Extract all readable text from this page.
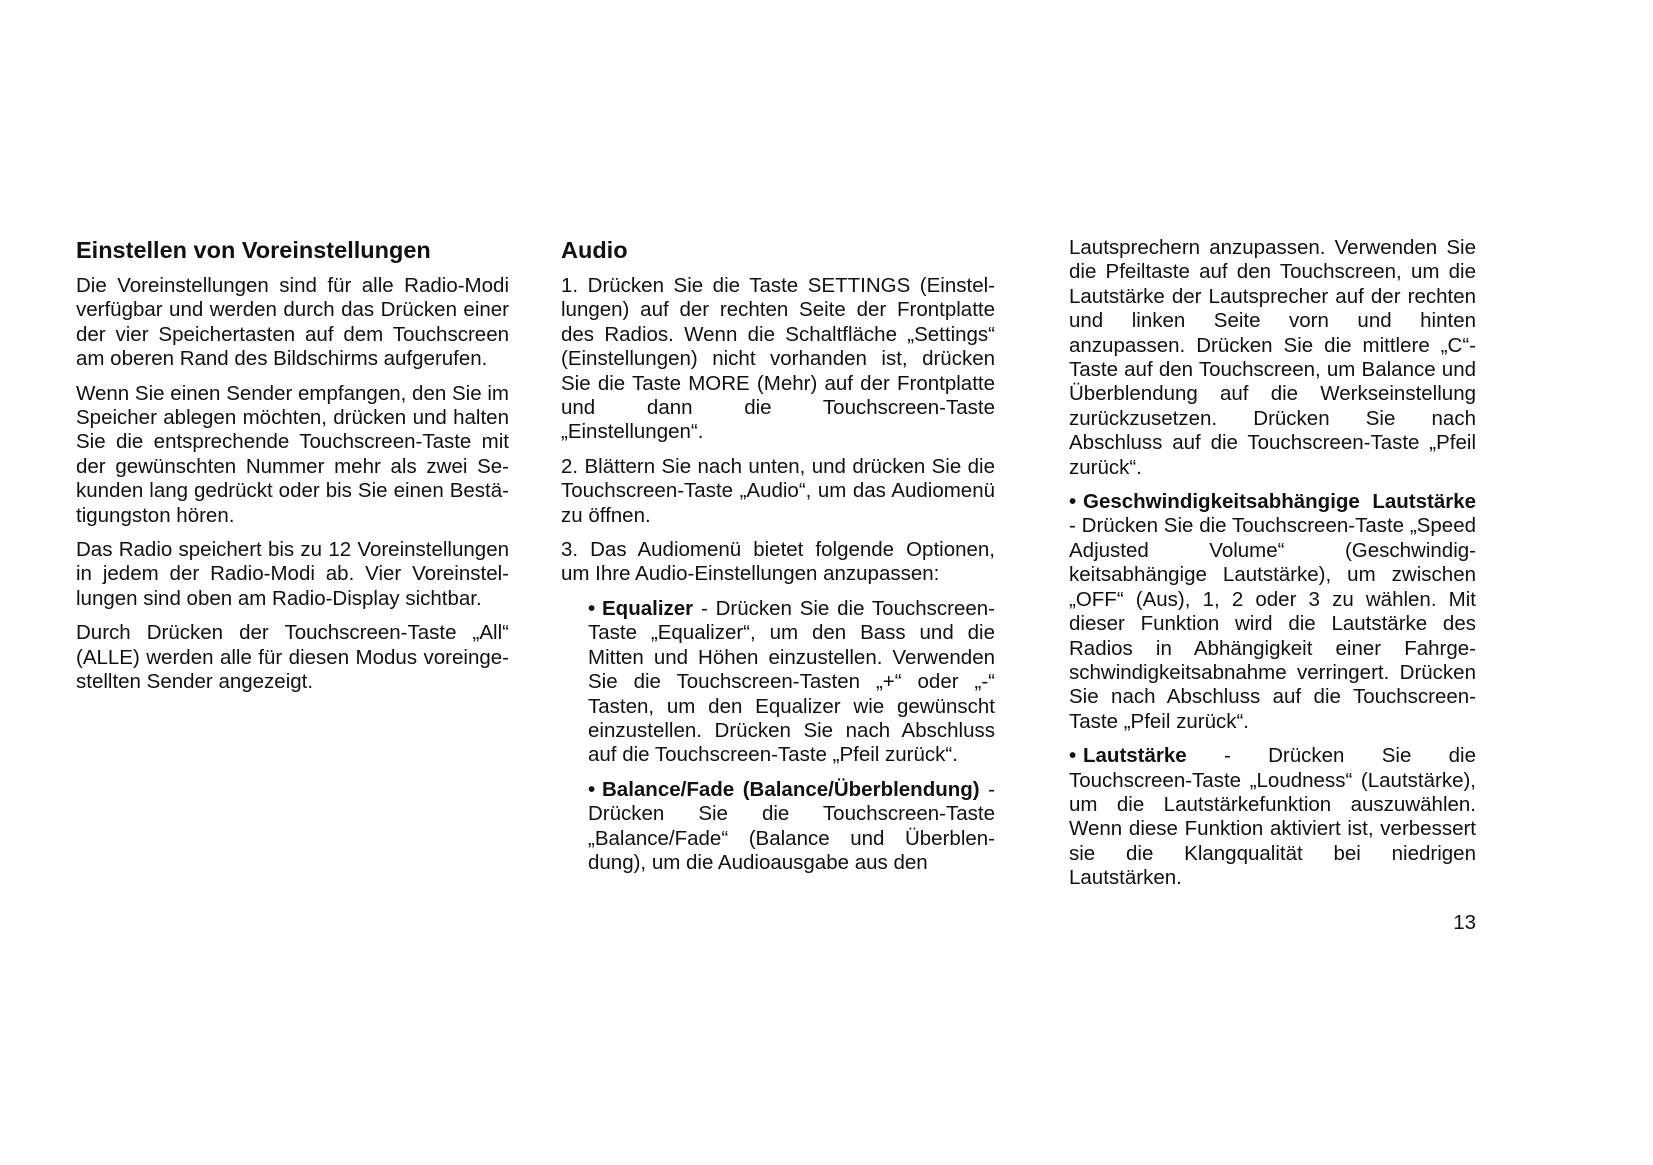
Einstellen von Voreinstellungen

Die Voreinstellungen sind für alle Radio-Modi verfügbar und werden durch das Drücken einer der vier Speichertasten auf dem Touchscreen am oberen Rand des Bildschirms aufgerufen.

Wenn Sie einen Sender empfangen, den Sie im Speicher ablegen möchten, drücken und halten Sie die entsprechende Touchscreen-Taste mit der gewünschten Nummer mehr als zwei Sekunden lang gedrückt oder bis Sie einen Bestätigungston hören.

Das Radio speichert bis zu 12 Voreinstellungen in jedem der Radio-Modi ab. Vier Voreinstellungen sind oben am Radio-Display sichtbar.

Durch Drücken der Touchscreen-Taste „All“ (ALLE) werden alle für diesen Modus voreingestellten Sender angezeigt.

Audio

1. Drücken Sie die Taste SETTINGS (Einstellungen) auf der rechten Seite der Frontplatte des Radios. Wenn die Schaltfläche „Settings“ (Einstellungen) nicht vorhanden ist, drücken Sie die Taste MORE (Mehr) auf der Frontplatte und dann die Touchscreen-Taste „Einstellungen“.

2. Blättern Sie nach unten, und drücken Sie die Touchscreen-Taste „Audio“, um das Audiomenü zu öffnen.

3. Das Audiomenü bietet folgende Optionen, um Ihre Audio-Einstellungen anzupassen:

• Equalizer - Drücken Sie die Touchscreen-Taste „Equalizer“, um den Bass und die Mitten und Höhen einzustellen. Verwenden Sie die Touchscreen-Tasten „+“ oder „-“ Tasten, um den Equalizer wie gewünscht einzustellen. Drücken Sie nach Abschluss auf die Touchscreen-Taste „Pfeil zurück“.

• Balance/Fade (Balance/Überblendung) - Drücken Sie die Touchscreen-Taste „Balance/Fade“ (Balance und Überblendung), um die Audioausgabe aus den

Lautsprechern anzupassen. Verwenden Sie die Pfeiltaste auf den Touchscreen, um die Lautstärke der Lautsprecher auf der rechten und linken Seite vorn und hinten anzupassen. Drücken Sie die mittlere „C“-Taste auf den Touchscreen, um Balance und Überblendung auf die Werkseinstellung zurückzusetzen. Drücken Sie nach Abschluss auf die Touchscreen-Taste „Pfeil zurück“.

• Geschwindigkeitsabhängige Lautstärke - Drücken Sie die Touchscreen-Taste „Speed Adjusted Volume“ (Geschwindigkeitsabhängige Lautstärke), um zwischen „OFF“ (Aus), 1, 2 oder 3 zu wählen. Mit dieser Funktion wird die Lautstärke des Radios in Abhängigkeit einer Fahrgeschwindigkeitsabnahme verringert. Drücken Sie nach Abschluss auf die Touchscreen-Taste „Pfeil zurück“.

• Lautstärke - Drücken Sie die Touchscreen-Taste „Loudness“ (Lautstärke), um die Lautstärkefunktion auszuwählen. Wenn diese Funktion aktiviert ist, verbessert sie die Klangqualität bei niedrigen Lautstärken.

13
